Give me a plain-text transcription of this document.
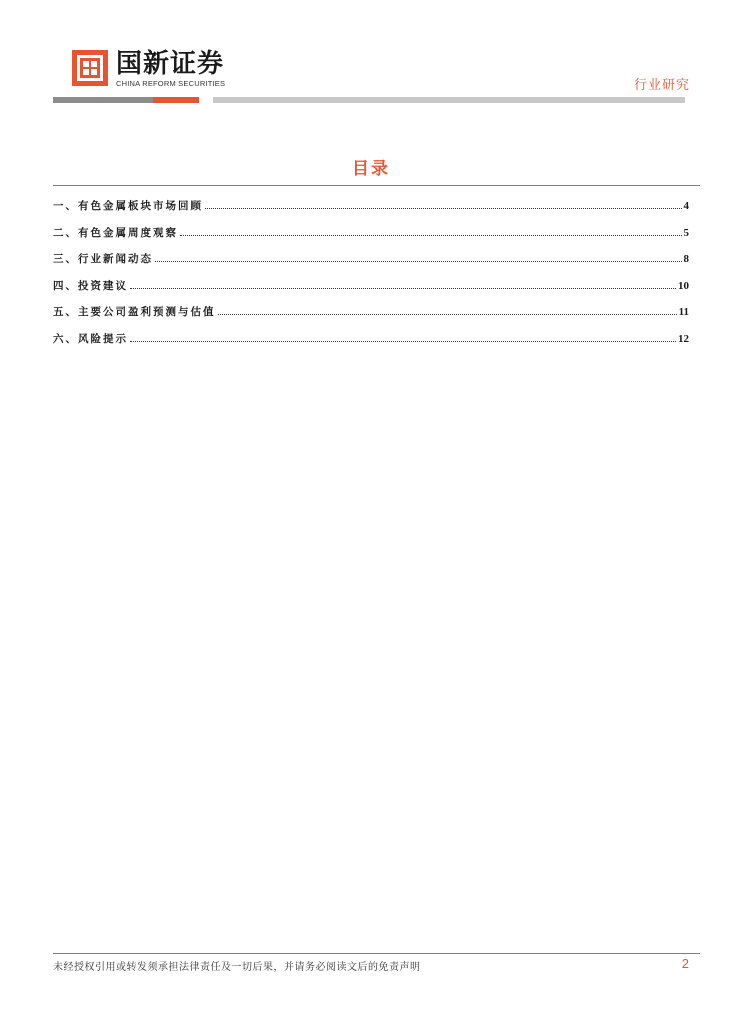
国新证券
CHINA REFORM SECURITIES	行业研究
目录
一、有色金属板块市场回顾	4
二、有色金属周度观察	5
三、行业新闻动态	8
四、投资建议	10
五、主要公司盈利预测与估值	11
六、风险提示	12
未经授权引用或转发须承担法律责任及一切后果，并请务必阅读文后的免责声明	2
